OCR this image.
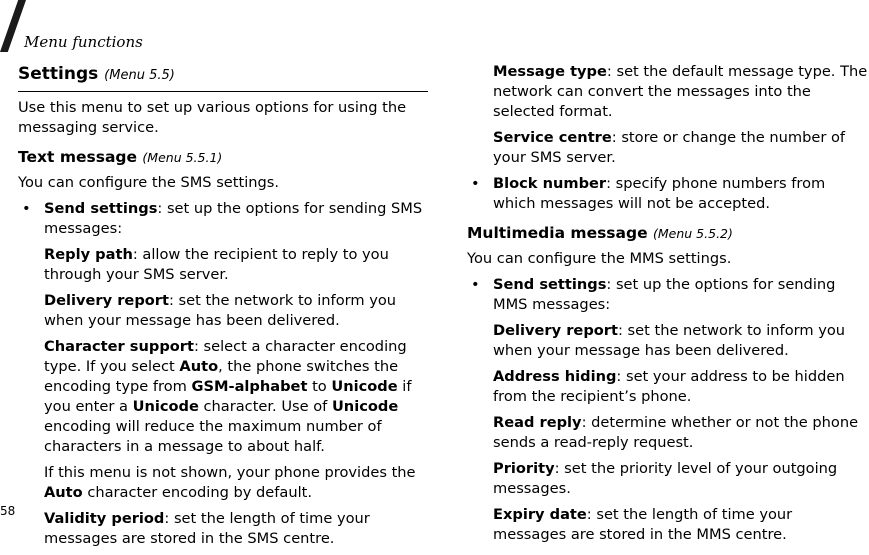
Menu functions
58
Settings (Menu 5.5)

Use this menu to set up various options for using the messaging service.

Text message (Menu 5.5.1)

You can configure the SMS settings.

• Send settings: set up the options for sending SMS messages:
Reply path: allow the recipient to reply to you through your SMS server.
Delivery report: set the network to inform you when your message has been delivered.
Character support: select a character encoding type. If you select Auto, the phone switches the encoding type from GSM-alphabet to Unicode if you enter a Unicode character. Use of Unicode encoding will reduce the maximum number of characters in a message to about half.
If this menu is not shown, your phone provides the Auto character encoding by default.
Validity period: set the length of time your messages are stored in the SMS centre.
Message type: set the default message type. The network can convert the messages into the selected format.
Service centre: store or change the number of your SMS server.
• Block number: specify phone numbers from which messages will not be accepted.
Multimedia message (Menu 5.5.2)

You can configure the MMS settings.

• Send settings: set up the options for sending MMS messages:
Delivery report: set the network to inform you when your message has been delivered.
Address hiding: set your address to be hidden from the recipient’s phone.
Read reply: determine whether or not the phone sends a read-reply request.
Priority: set the priority level of your outgoing messages.
Expiry date: set the length of time your messages are stored in the MMS centre.
